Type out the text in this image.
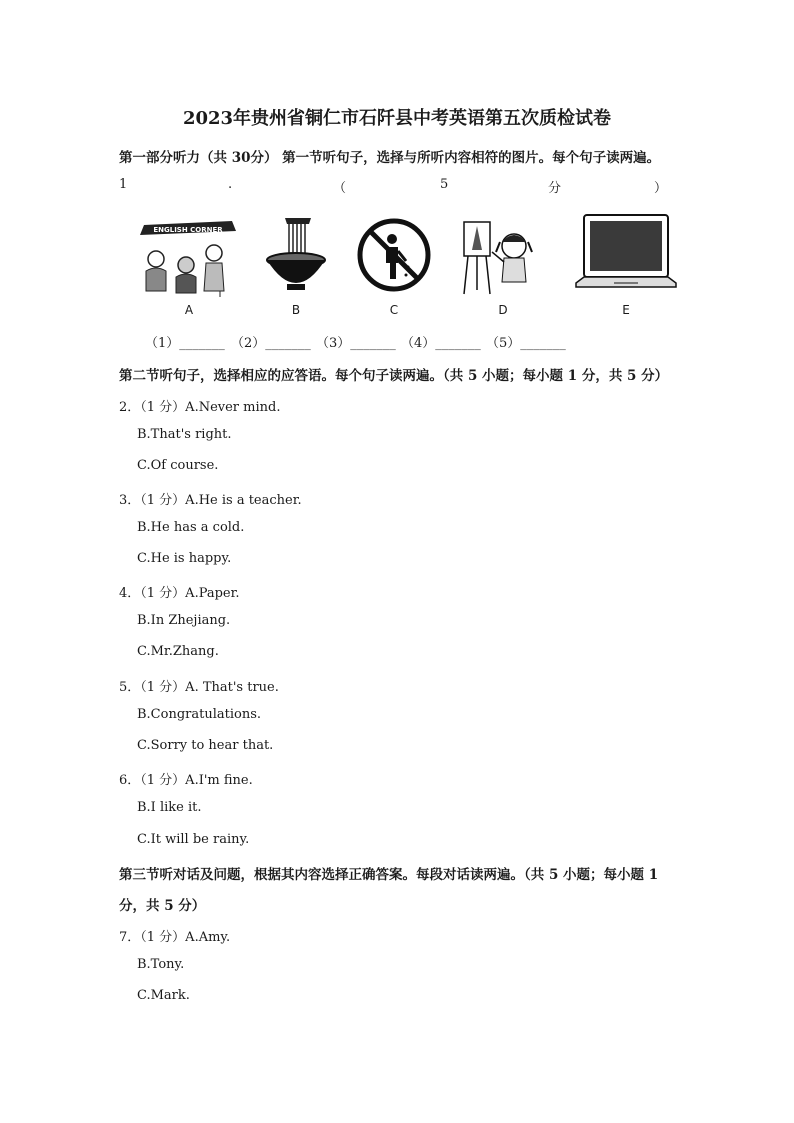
2023年贵州省铜仁市石阡县中考英语第五次质检试卷
第一部分听力（共 30分） 第一节听句子，选择与所听内容相符的图片。每个句子读两遍。
1	.	（	5	分	）
ENGLISH CORNER
A	B	C	D	E
（1）_______ （2）_______ （3）_______ （4）_______ （5）_______
第二节听句子，选择相应的应答语。每个句子读两遍。（共 5 小题；每小题 1 分，共 5 分）
2．（1 分）A.Never mind.
B.That's right.
C.Of course.
3．（1 分）A.He is a teacher.
B.He has a cold.
C.He is happy.
4．（1 分）A.Paper.
B.In Zhejiang.
C.Mr.Zhang.
5．（1 分）A. That's true.
B.Congratulations.
C.Sorry to hear that.
6．（1 分）A.I'm fine.
B.I like it.
C.It will be rainy.
第三节听对话及问题，根据其内容选择正确答案。每段对话读两遍。（共 5 小题；每小题 1
分，共 5 分）
7．（1 分）A.Amy.
B.Tony.
C.Mark.
